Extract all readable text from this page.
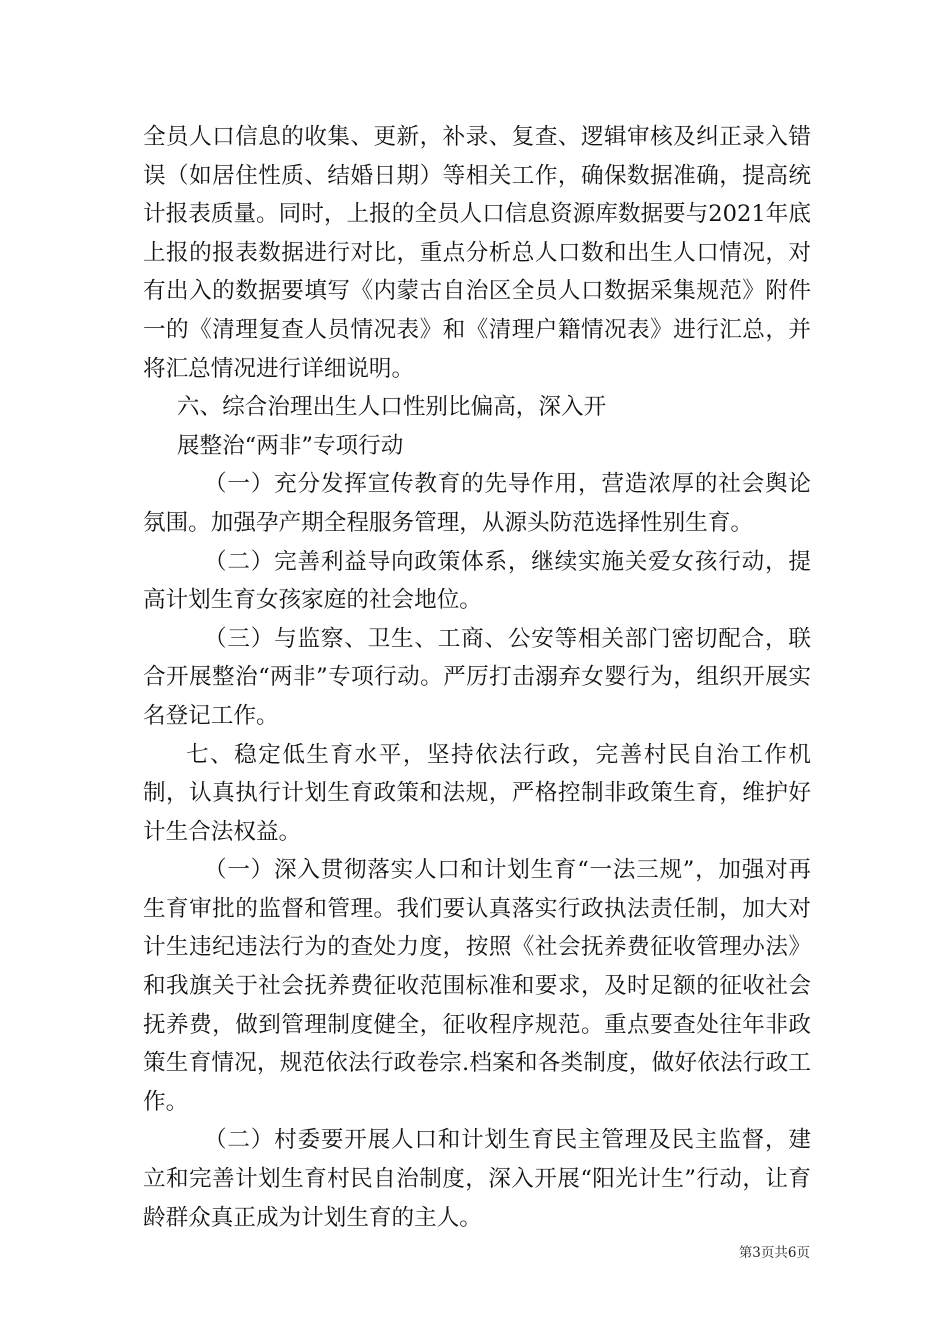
全员人口信息的收集、更新，补录、复查、逻辑审核及纠正录入错误（如居住性质、结婚日期）等相关工作，确保数据准确，提高统计报表质量。同时，上报的全员人口信息资源库数据要与2021年底上报的报表数据进行对比，重点分析总人口数和出生人口情况，对有出入的数据要填写《内蒙古自治区全员人口数据采集规范》附件一的《清理复查人员情况表》和《清理户籍情况表》进行汇总，并将汇总情况进行详细说明。

六、综合治理出生人口性别比偏高，深入开

展整治“两非”专项行动

（一）充分发挥宣传教育的先导作用，营造浓厚的社会舆论氛围。加强孕产期全程服务管理，从源头防范选择性别生育。

（二）完善利益导向政策体系，继续实施关爱女孩行动，提高计划生育女孩家庭的社会地位。

（三）与监察、卫生、工商、公安等相关部门密切配合，联合开展整治“两非”专项行动。严厉打击溺弃女婴行为，组织开展实名登记工作。

七、稳定低生育水平，坚持依法行政，完善村民自治工作机制，认真执行计划生育政策和法规，严格控制非政策生育，维护好计生合法权益。

（一）深入贯彻落实人口和计划生育“一法三规”，加强对再生育审批的监督和管理。我们要认真落实行政执法责任制，加大对计生违纪违法行为的查处力度，按照《社会抚养费征收管理办法》和我旗关于社会抚养费征收范围标准和要求，及时足额的征收社会抚养费，做到管理制度健全，征收程序规范。重点要查处往年非政策生育情况，规范依法行政卷宗.档案和各类制度，做好依法行政工作。

（二）村委要开展人口和计划生育民主管理及民主监督，建立和完善计划生育村民自治制度，深入开展“阳光计生”行动，让育龄群众真正成为计划生育的主人。

第3页共6页
